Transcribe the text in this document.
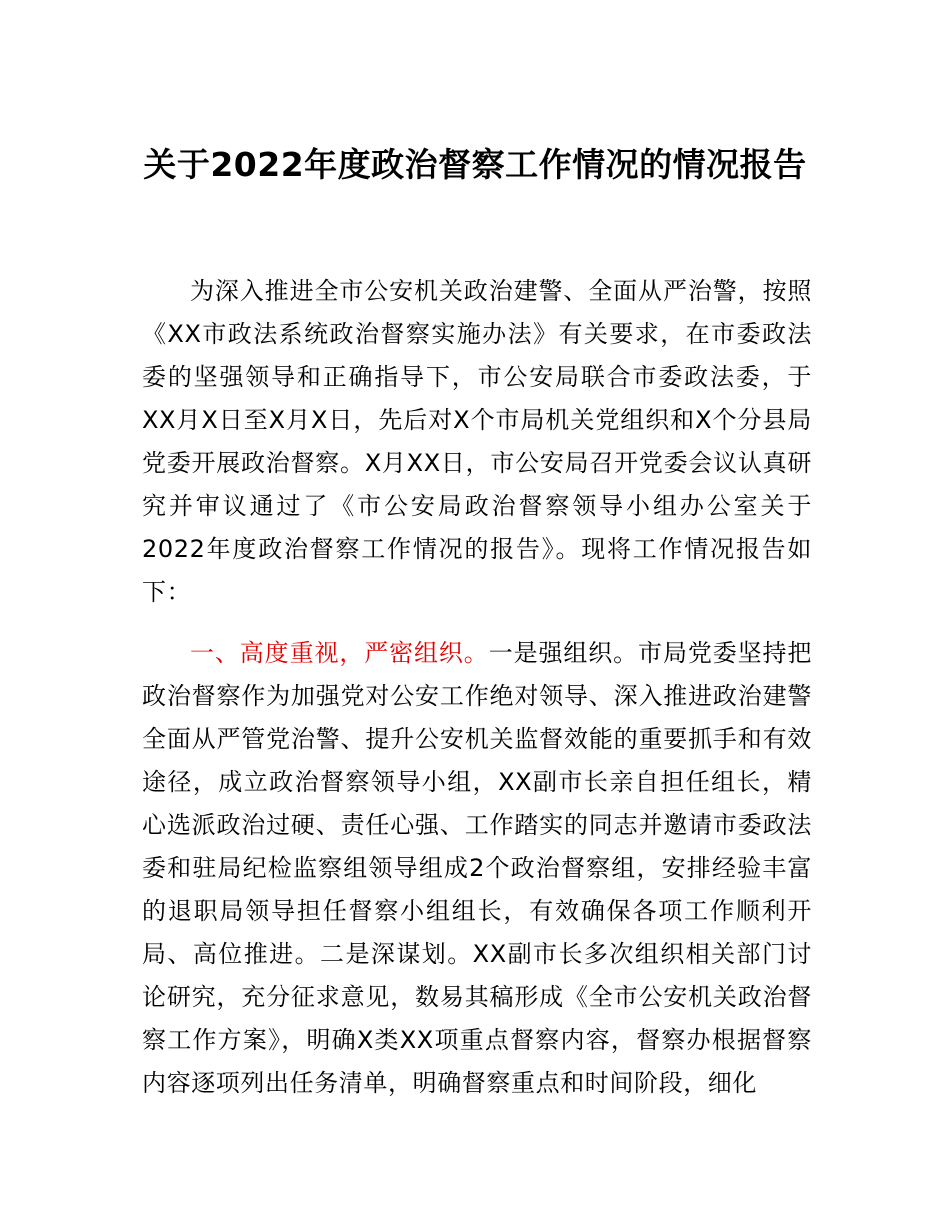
关于2022年度政治督察工作情况的情况报告

为深入推进全市公安机关政治建警、全面从严治警，按照《XX市政法系统政治督察实施办法》有关要求，在市委政法委的坚强领导和正确指导下，市公安局联合市委政法委，于XX月X日至X月X日，先后对X个市局机关党组织和X个分县局党委开展政治督察。X月XX日，市公安局召开党委会议认真研究并审议通过了《市公安局政治督察领导小组办公室关于2022年度政治督察工作情况的报告》。现将工作情况报告如下：

一、高度重视，严密组织。一是强组织。市局党委坚持把政治督察作为加强党对公安工作绝对领导、深入推进政治建警全面从严管党治警、提升公安机关监督效能的重要抓手和有效途径，成立政治督察领导小组，XX副市长亲自担任组长，精心选派政治过硬、责任心强、工作踏实的同志并邀请市委政法委和驻局纪检监察组领导组成2个政治督察组，安排经验丰富的退职局领导担任督察小组组长，有效确保各项工作顺利开局、高位推进。二是深谋划。XX副市长多次组织相关部门讨论研究，充分征求意见，数易其稿形成《全市公安机关政治督察工作方案》，明确X类XX项重点督察内容，督察办根据督察内容逐项列出任务清单，明确督察重点和时间阶段，细化
